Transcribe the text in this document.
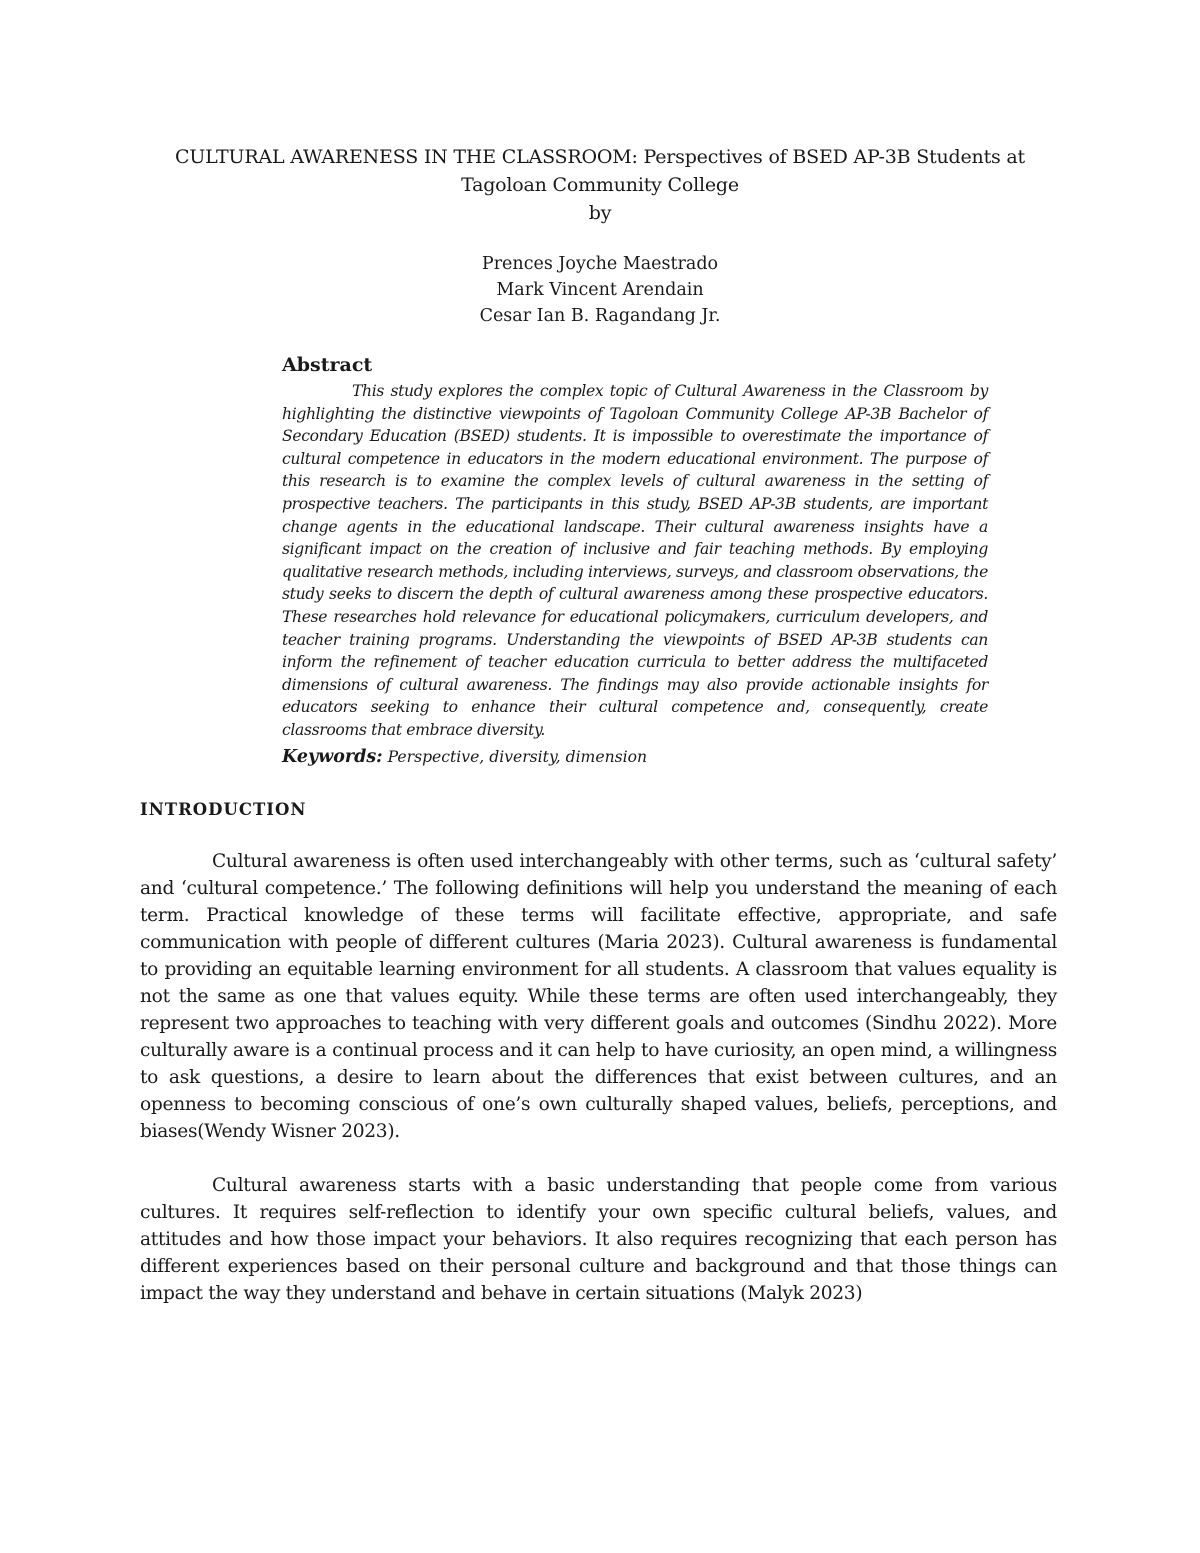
CULTURAL AWARENESS IN THE CLASSROOM: Perspectives of BSED AP-3B Students at

Tagoloan Community College

by

Prences Joyche Maestrado

Mark Vincent Arendain

Cesar Ian B. Ragandang Jr.

Abstract

This study explores the complex topic of Cultural Awareness in the Classroom by highlighting the distinctive viewpoints of Tagoloan Community College AP-3B Bachelor of Secondary Education (BSED) students. It is impossible to overestimate the importance of cultural competence in educators in the modern educational environment. The purpose of this research is to examine the complex levels of cultural awareness in the setting of prospective teachers. The participants in this study, BSED AP-3B students, are important change agents in the educational landscape. Their cultural awareness insights have a significant impact on the creation of inclusive and fair teaching methods. By employing qualitative research methods, including interviews, surveys, and classroom observations, the study seeks to discern the depth of cultural awareness among these prospective educators. These researches hold relevance for educational policymakers, curriculum developers, and teacher training programs. Understanding the viewpoints of BSED AP-3B students can inform the refinement of teacher education curricula to better address the multifaceted dimensions of cultural awareness. The findings may also provide actionable insights for educators seeking to enhance their cultural competence and, consequently, create classrooms that embrace diversity.

Keywords: Perspective, diversity, dimension

INTRODUCTION

Cultural awareness is often used interchangeably with other terms, such as ‘cultural safety’ and ‘cultural competence.’ The following definitions will help you understand the meaning of each term. Practical knowledge of these terms will facilitate effective, appropriate, and safe communication with people of different cultures (Maria 2023). Cultural awareness is fundamental to providing an equitable learning environment for all students. A classroom that values equality is not the same as one that values equity. While these terms are often used interchangeably, they represent two approaches to teaching with very different goals and outcomes (Sindhu 2022). More culturally aware is a continual process and it can help to have curiosity, an open mind, a willingness to ask questions, a desire to learn about the differences that exist between cultures, and an openness to becoming conscious of one’s own culturally shaped values, beliefs, perceptions, and biases(Wendy Wisner 2023).

Cultural awareness starts with a basic understanding that people come from various cultures. It requires self-reflection to identify your own specific cultural beliefs, values, and attitudes and how those impact your behaviors. It also requires recognizing that each person has different experiences based on their personal culture and background and that those things can impact the way they understand and behave in certain situations (Malyk 2023)
